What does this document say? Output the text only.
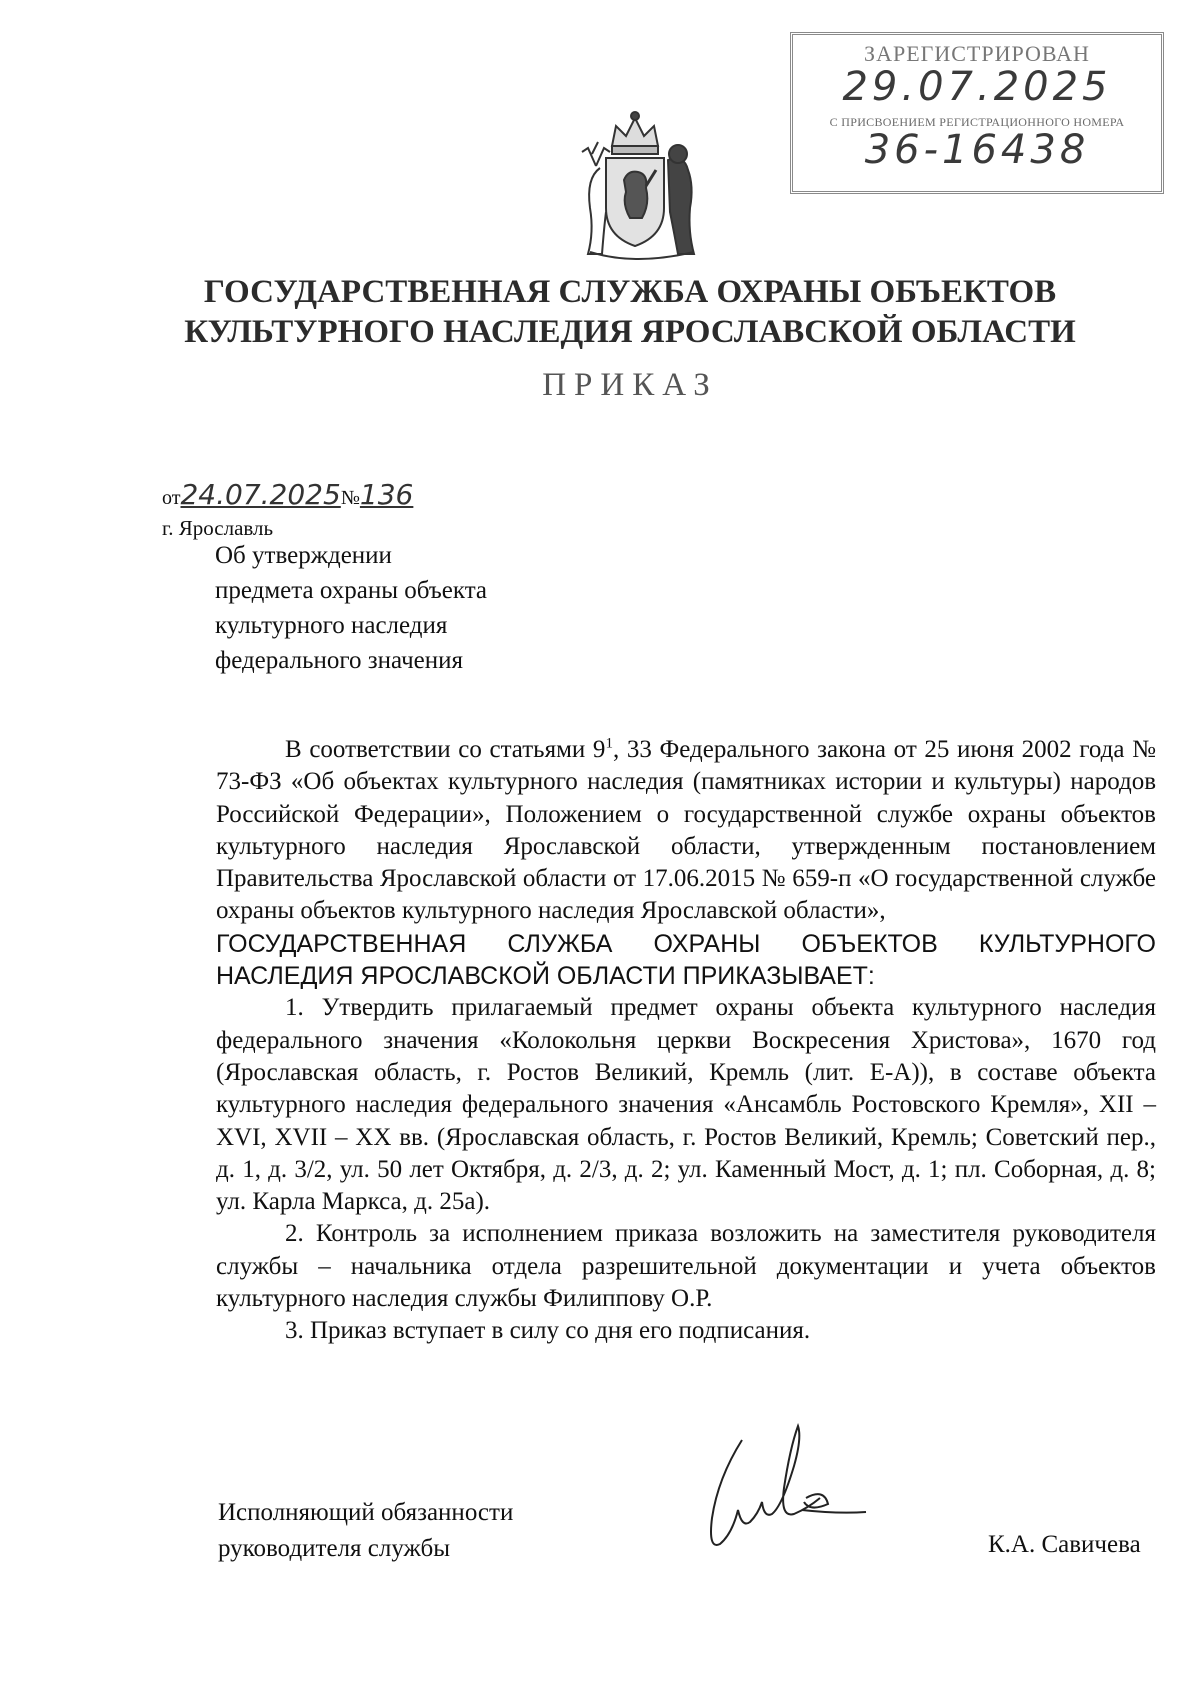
ЗАРЕГИСТРИРОВАН
29.07.2025
С ПРИСВОЕНИЕМ РЕГИСТРАЦИОННОГО НОМЕРА
36-16438
ГОСУДАРСТВЕННАЯ СЛУЖБА ОХРАНЫ ОБЪЕКТОВ
КУЛЬТУРНОГО НАСЛЕДИЯ ЯРОСЛАВСКОЙ ОБЛАСТИ
ПРИКАЗ
от24.07.2025№136
г. Ярославль
Об утверждении
предмета охраны объекта
культурного наследия
федерального значения

В соответствии со статьями $9^1$, 33 Федерального закона от 25 июня 2002 года № 73-ФЗ «Об объектах культурного наследия (памятниках истории и культуры) народов Российской Федерации», Положением о государственной службе охраны объектов культурного наследия Ярославской области, утвержденным постановлением Правительства Ярославской области от 17.06.2015 № 659-п «О государственной службе охраны объектов культурного наследия Ярославской области»,

ГОСУДАРСТВЕННАЯ СЛУЖБА ОХРАНЫ ОБЪЕКТОВ КУЛЬТУРНОГО НАСЛЕДИЯ ЯРОСЛАВСКОЙ ОБЛАСТИ ПРИКАЗЫВАЕТ:

1. Утвердить прилагаемый предмет охраны объекта культурного наследия федерального значения «Колокольня церкви Воскресения Христова», 1670 год (Ярославская область, г. Ростов Великий, Кремль (лит. Е-А)), в составе объекта культурного наследия федерального значения «Ансамбль Ростовского Кремля», XII – XVI, XVII – XX вв. (Ярославская область, г. Ростов Великий, Кремль; Советский пер., д. 1, д. 3/2, ул. 50 лет Октября, д. 2/3, д. 2; ул. Каменный Мост, д. 1; пл. Соборная, д. 8; ул. Карла Маркса, д. 25а).

2. Контроль за исполнением приказа возложить на заместителя руководителя службы – начальника отдела разрешительной документации и учета объектов культурного наследия службы Филиппову О.Р.

3. Приказ вступает в силу со дня его подписания.

Исполняющий обязанности
руководителя службы	К.А. Савичева
